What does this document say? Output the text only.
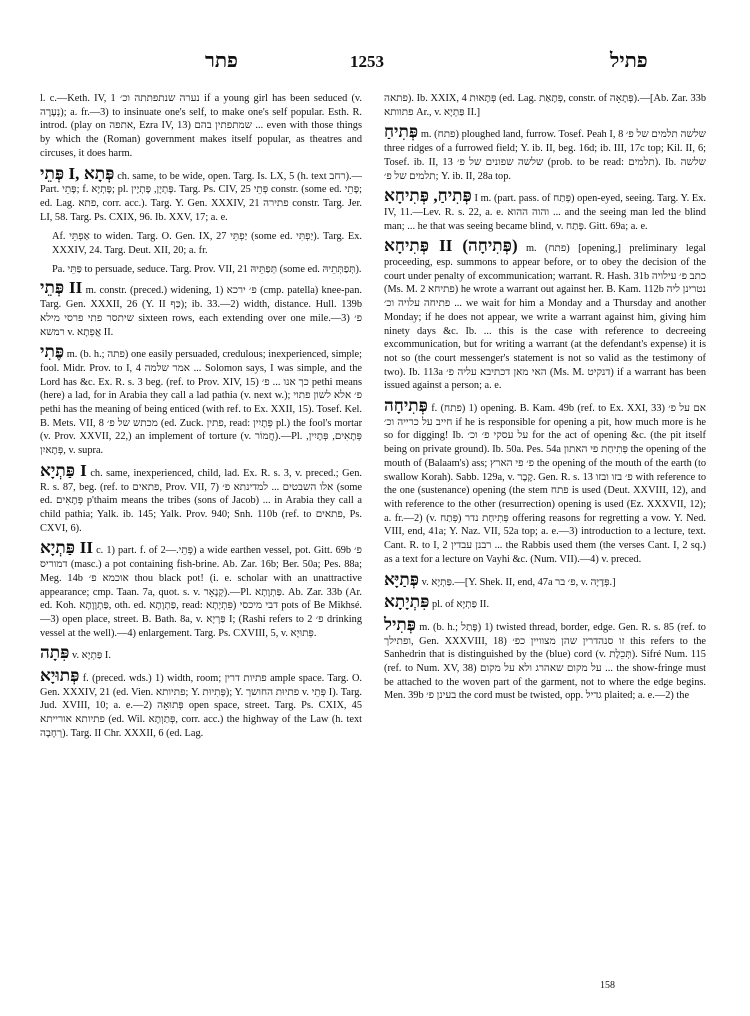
פתר	1253	פתיל

l. c.—Keth. IV, 1 נערה שנתפתתה וכ׳ if a young girl has been seduced (v. נְעָרָה); a. fr.—3) to insinuate one's self, to make one's self popular. Esth. R. introd. (play on אתפה, Ezra IV, 13) שמתפתין בהם ... even with those things by which the (Roman) government makes itself popular, as theatres and circuses, it does harm.

פְּתֵי I, פְּתָא ch. same, to be wide, open. Targ. Is. LX, 5 (h. text רחב).—Part. פָּתֵי; f. פָּתְיָא; pl. פָּתְיָן, פָּתְיָין. Targ. Ps. CIV, 25 פְּתֵי constr. (some ed. פָּתֵי; ed. Lag. פתא, corr. acc.). Targ. Y. Gen. XXXIV, 21 פתירה constr. Targ. Jer. LI, 58. Targ. Ps. CXIX, 96. Ib. XXV, 17; a. e.

Af. אַפְתֵּי to widen. Targ. O. Gen. IX, 27 יַפְתֵּי (some ed. יַפְתִּי). Targ. Ex. XXXIV, 24. Targ. Deut. XII, 20; a. fr.

Pa. פַּתֵּי to persuade, seduce. Targ. Prov. VII, 21 תְּפַתֵּיהּ (some ed. תְּפַתְּתֵיהּ).

פְּתֵי II m. constr. (preced.) widening, 1) פ׳ ירכא (cmp. patella) knee-pan. Targ. Gen. XXXII, 26 (Y. II כַּף); ib. 33.—2) width, distance. Hull. 139b שיתסר פתי פרסי מילא sixteen rows, each extending over one mile.—3) פ׳ רמשא v. אֲפְתָא II.

פֶּתִי m. (b. h.; פתה) one easily persuaded, credulous; inexperienced, simple; fool. Midr. Prov. to I, 4 אמר שלמה ... Solomon says, I was simple, and the Lord has &c. Ex. R. s. 3 beg. (ref. to Prov. XIV, 15) כך אנו ... פ׳ pethi means (here) a lad, for in Arabia they call a lad pathia (v. next w.); פ׳ אלא לשון פתוי pethi has the meaning of being enticed (with ref. to Ex. XXII, 15). Tosef. Kel. B. Mets. VII, 8 מכתש של פ׳ (ed. Zuck. פתין, read: פְּתָיִין pl.) the fool's mortar (v. Prov. XXVII, 22,) an implement of torture (v. חֲמוֹר).—Pl. פְּתָאִים, פְּתָיִין, פְּתָאיִן, v. supra.

פַּתְיָא I ch. same, inexperienced, child, lad. Ex. R. s. 3, v. preced.; Gen. R. s. 87, beg. (ref. to פתאים, Prov. VII, 7) אלו השבטים ... למדינתא פ׳ (some ed. פְּתָאִים p'thaim means the tribes (sons of Jacob) ... in Arabia they call a child pathia; Yalk. ib. 145; Yalk. Prov. 940; Snh. 110b (ref. to פתאים, Ps. CXVI, 6).

פַּתְיָא II c. 1) part. f. of פְּתֵי.—2) a wide earthen vessel, pot. Gitt. 69b פ׳ דמוריס (masc.) a pot containing fish-brine. Ab. Zar. 16b; Ber. 50a; Pes. 88a; Meg. 14b אוכמא פ׳ thou black pot! (i. e. scholar with an unattractive appearance; cmp. Taan. 7a, quot. s. v. קְנָאָר).—Pl. פַּתְוָתָא. Ab. Zar. 33b (Ar. ed. Koh. פַּתְוָוָתָא, oth. ed. פַּתְוָתָא, read: פִּתְיָתָא) דבי מיכסי pots of Be Mikhsé.—3) open place, street. B. Bath. 8a, v. פַּרְיָא I; (Rashi refers to פ׳ 2 drinking vessel at the well).—4) enlargement. Targ. Ps. CXVIII, 5, v. פְּתוּיָא.

פִּתָה v. פַּתְיָא I.

פְּתוּיָא f. (preced. wds.) 1) width, room; פתיות דרין ample space. Targ. O. Gen. XXXIV, 21 (ed. Vien. פתיותא; Y. פְּתִיוּת); Y. פתיוּת החושך v. פְּתֵי I). Targ. Jud. XVIII, 10; a. e.—2) פְּתוּאָה open space, street. Targ. Ps. CXIX, 45 פתיותא אורייתא (ed. Wil. פְּתַוְתָא, corr. acc.) the highway of the Law (h. text רְחָבָה). Targ. II Chr. XXXII, 6 (ed. Lag.

פתאה). Ib. XXIX, 4 פְּתָאוּת (ed. Lag. פְּתָאַת, constr. of פְּתָאָה).—[Ab. Zar. 33b פתוותא Ar., v. פַּתְיָא II.]

פְּתִיחַ m. (פתח) ploughed land, furrow. Tosef. Peah I, 8 שלשה תלמים של פ׳ three ridges of a furrowed field; Y. ib. II, beg. 16d; ib. III, 17c top; Kil. II, 6; Tosef. ib. II, 13 שלשה שפונים של פ׳ (prob. to be read: תלמים). Ib. שלשה תלמים של פ׳; Y. ib. II, 28a top.

פְּתִיחַ, פְּתִיחָא I m. (part. pass. of פְּתַח) open-eyed, seeing. Targ. Y. Ex. IV, 11.—Lev. R. s. 22, a. e. והוה ההוא ... and the seeing man led the blind man; ... he that was seeing became blind, v. פָּתַח. Gitt. 69a; a. e.

פְּתִיחָא II (פְּתִיחָה) m. (פתח) [opening,] preliminary legal proceeding, esp. summons to appear before, or to obey the decision of the court under penalty of excommunication; warrant. R. Hash. 31b כתב פ׳ עילויה (Ms. M. 2 פתיחא) he wrote a warrant out against her. B. Kam. 112b נטרינן ליה ... פתיחה עלויה וכ׳ we wait for him a Monday and a Thursday and another Monday; if he does not appear, we write a warrant against him, giving him ninety days &c. Ib. ... this is the case with reference to decreeing excommunication, but for writing a warrant (at the defendant's expense) it is not so (the court messenger's statement is not so valid as the testimony of two). Ib. 113a האי מאן דכתיבא עליה פ׳ (Ms. M. דנקיט) if a warrant has been issued against a person; a. e.

פְּתִיחָה f. (פתח) 1) opening. B. Kam. 49b (ref. to Ex. XXI, 33) אם על פ׳ חייב על כרייה וכ׳ if he is responsible for opening a pit, how much more is he so for digging! Ib. על עסקי פ׳ וכ׳ for the act of opening &c. (the pit itself being on private ground). Ib. 50a. Pes. 54a פְּתִיחַת פי האתון the opening of the mouth of (Balaam's) ass; פ׳ פי הארץ the opening of the mouth of the earth (to swallow Korah). Sabb. 129a, v. קֶבֶר. Gen. R. s. 13 פ׳ בזו ובזו with reference to the one (sustenance) opening (the stem פתח is used (Deut. XXVIII, 12), and with reference to the other (resurrection) opening is used (Ez. XXXVII, 12); a. fr.—2) (v. פְּתַח) פְּתִיחַת נדר offering reasons for regretting a vow. Y. Ned. VIII, end, 41a; Y. Naz. VII, 52a top; a. e.—3) introduction to a lecture, text. Cant. R. to I, 2 רבנן עבדין ... the Rabbis used them (the verses Cant. I, 2 sq.) as a text for a lecture on Vayhi &c. (Num. VII).—4) v. preced.

פְּתַיָּא v. פַּתְיָא.—[Y. Shek. II, end, 47a פ׳ בר, v. פְּדָיָה.]

פִּתְיָתָא pl. of פַּתְיָא II.

פְּתִיל m. (b. h.; פָּתַל) 1) twisted thread, border, edge. Gen. R. s. 85 (ref. to ופתילך, Gen. XXXVIII, 18) זו סנהדרין שהן מצוויין כפ׳ this refers to the Sanhedrin that is distinguished by the (blue) cord (v. תְּכֵלֶת). Sifré Num. 115 (ref. to Num. XV, 38) על מקום שאהרג ולא על מקום ... the show-fringe must be attached to the woven part of the garment, not to where the edge begins. Men. 39b בעינן פ׳ the cord must be twisted, opp. גדיל plaited; a. e.—2) the

158
